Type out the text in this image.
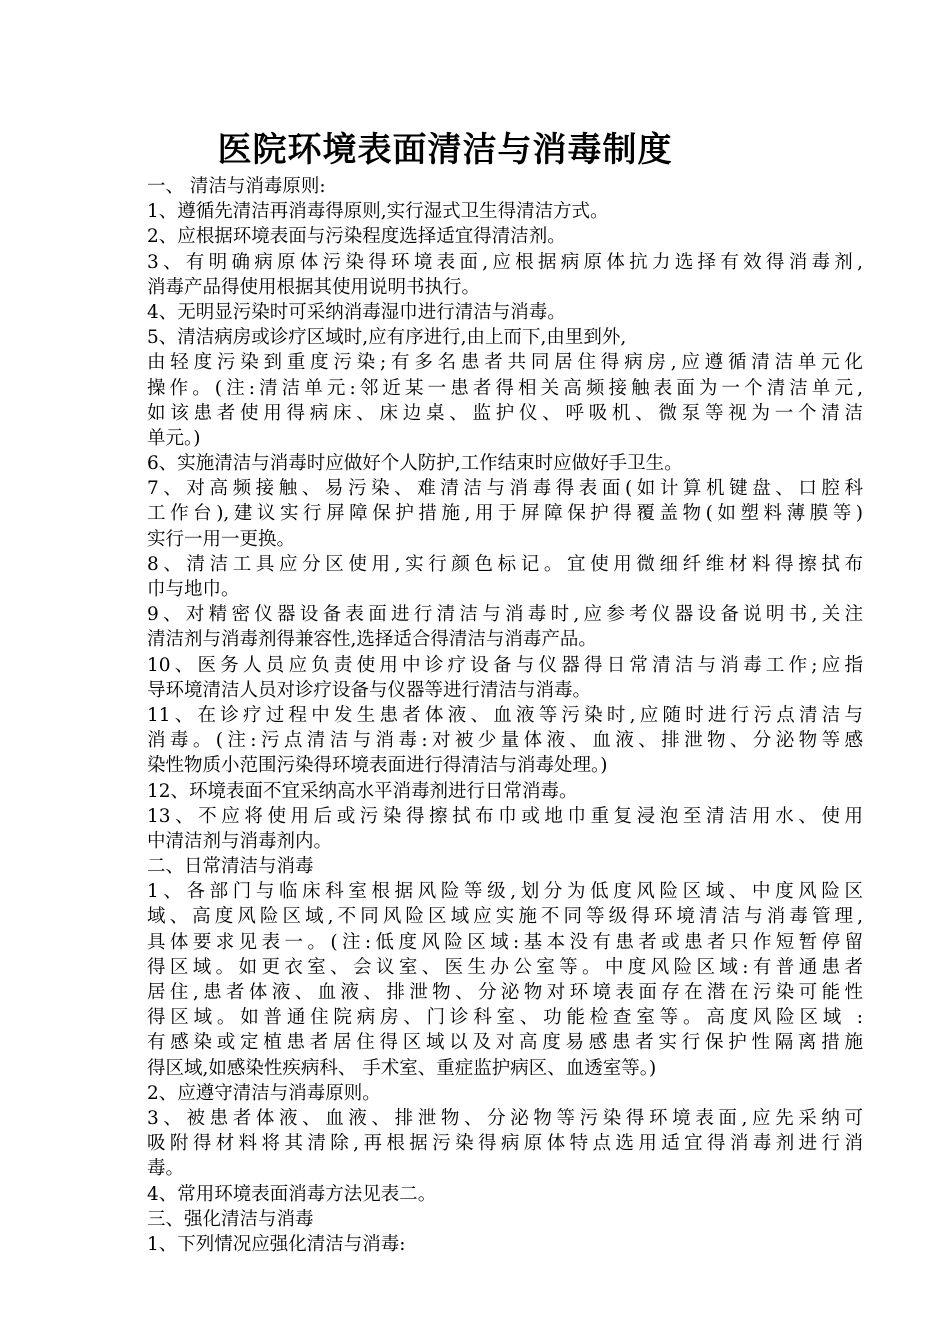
医院环境表面清洁与消毒制度
一、 清洁与消毒原则:
1、遵循先清洁再消毒得原则,实行湿式卫生得清洁方式。
2、应根据环境表面与污染程度选择适宜得清洁剂。
3、有明确病原体污染得环境表面,应根据病原体抗力选择有效得消毒剂,
消毒产品得使用根据其使用说明书执行。
4、无明显污染时可采纳消毒湿巾进行清洁与消毒。
5、清洁病房或诊疗区域时,应有序进行,由上而下,由里到外,
由轻度污染到重度污染;有多名患者共同居住得病房,应遵循清洁单元化
操作。(注:清洁单元:邻近某一患者得相关高频接触表面为一个清洁单元,
如该患者使用得病床、床边桌、监护仪、呼吸机、微泵等视为一个清洁
单元。)
6、实施清洁与消毒时应做好个人防护,工作结束时应做好手卫生。
7、对高频接触、易污染、难清洁与消毒得表面(如计算机键盘、口腔科
工作台),建议实行屏障保护措施,用于屏障保护得覆盖物(如塑料薄膜等)
实行一用一更换。
8、清洁工具应分区使用,实行颜色标记。宜使用微细纤维材料得擦拭布
巾与地巾。
9、对精密仪器设备表面进行清洁与消毒时,应参考仪器设备说明书,关注
清洁剂与消毒剂得兼容性,选择适合得清洁与消毒产品。
10、医务人员应负责使用中诊疗设备与仪器得日常清洁与消毒工作;应指
导环境清洁人员对诊疗设备与仪器等进行清洁与消毒。
11、在诊疗过程中发生患者体液、血液等污染时,应随时进行污点清洁与
消毒。(注:污点清洁与消毒:对被少量体液、血液、排泄物、分泌物等感
染性物质小范围污染得环境表面进行得清洁与消毒处理。)
12、环境表面不宜采纳高水平消毒剂进行日常消毒。
13、不应将使用后或污染得擦拭布巾或地巾重复浸泡至清洁用水、使用
中清洁剂与消毒剂内。
二、日常清洁与消毒
1、各部门与临床科室根据风险等级,划分为低度风险区域、中度风险区
域、高度风险区域,不同风险区域应实施不同等级得环境清洁与消毒管理,
具体要求见表一。(注:低度风险区域:基本没有患者或患者只作短暂停留
得区域。如更衣室、会议室、医生办公室等。中度风险区域:有普通患者
居住,患者体液、血液、排泄物、分泌物对环境表面存在潜在污染可能性
得区域。如普通住院病房、门诊科室、功能检查室等。高度风险区域 :
有感染或定植患者居住得区域以及对高度易感患者实行保护性隔离措施
得区域,如感染性疾病科、 手术室、重症监护病区、血透室等。)
2、应遵守清洁与消毒原则。
3、被患者体液、血液、排泄物、分泌物等污染得环境表面,应先采纳可
吸附得材料将其清除,再根据污染得病原体特点选用适宜得消毒剂进行消
毒。
4、常用环境表面消毒方法见表二。
三、强化清洁与消毒
1、下列情况应强化清洁与消毒:
